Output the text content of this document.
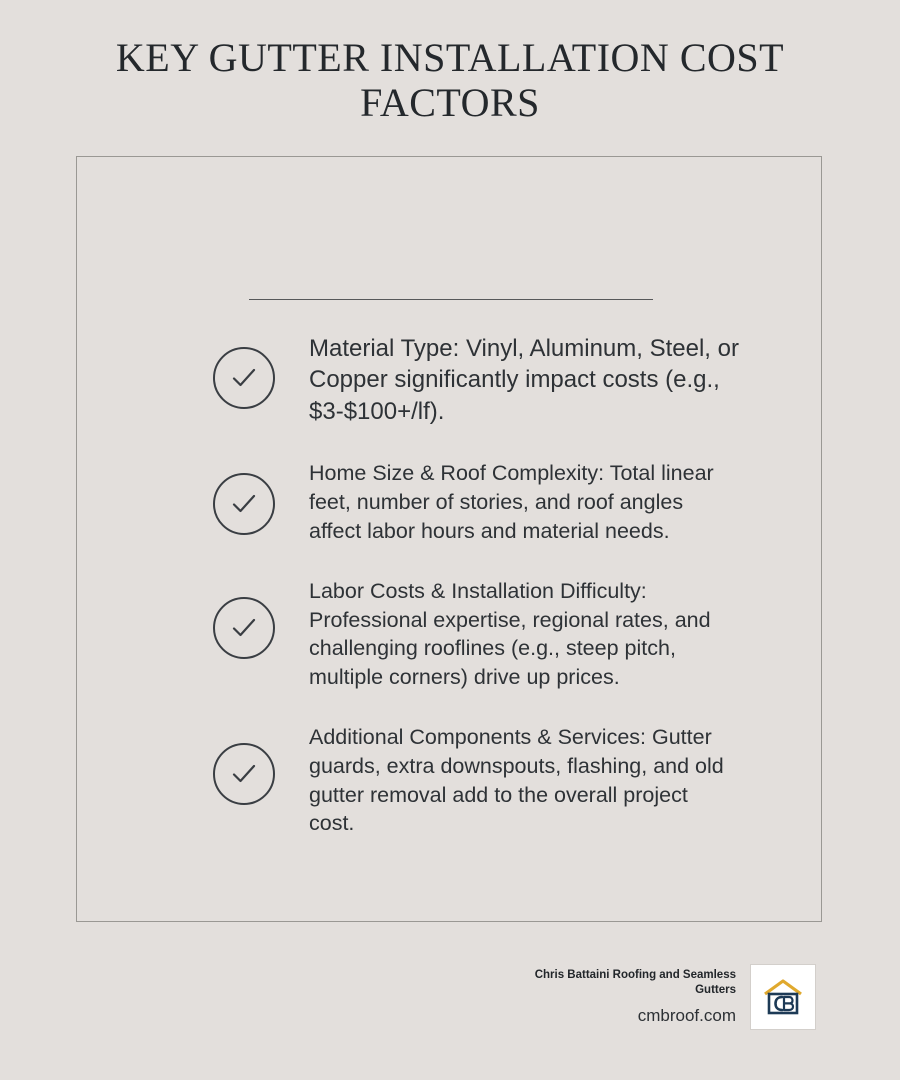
KEY GUTTER INSTALLATION COST FACTORS
Material Type: Vinyl, Aluminum, Steel, or Copper significantly impact costs (e.g., $3-$100+/lf).
Home Size & Roof Complexity: Total linear feet, number of stories, and roof angles affect labor hours and material needs.
Labor Costs & Installation Difficulty: Professional expertise, regional rates, and challenging rooflines (e.g., steep pitch, multiple corners) drive up prices.
Additional Components & Services: Gutter guards, extra downspouts, flashing, and old gutter removal add to the overall project cost.
Chris Battaini Roofing and Seamless Gutters
cmbroof.com
